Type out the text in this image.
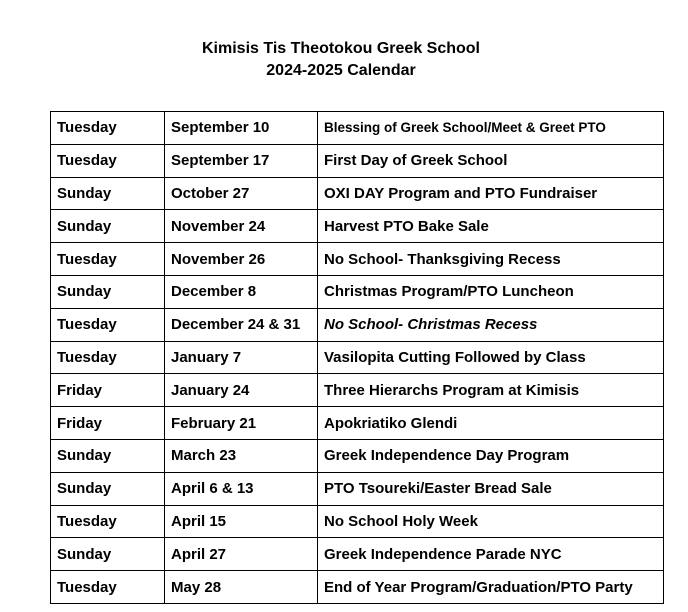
Kimisis Tis Theotokou Greek School
2024-2025 Calendar
Tuesday	September 10	Blessing of Greek School/Meet & Greet PTO
Tuesday	September 17	First Day of Greek School
Sunday	October 27	OXI DAY Program and PTO Fundraiser
Sunday	November 24	Harvest PTO Bake Sale
Tuesday	November 26	No School- Thanksgiving Recess
Sunday	December 8	Christmas Program/PTO Luncheon
Tuesday	December 24 & 31	No School- Christmas Recess
Tuesday	January 7	Vasilopita Cutting Followed by Class
Friday	January 24	Three Hierarchs Program at Kimisis
Friday	February 21	Apokriatiko Glendi
Sunday	March 23	Greek Independence Day Program
Sunday	April 6 & 13	PTO Tsoureki/Easter Bread Sale
Tuesday	April 15	No School Holy Week
Sunday	April 27	Greek Independence Parade NYC
Tuesday	May 28	End of Year Program/Graduation/PTO Party
